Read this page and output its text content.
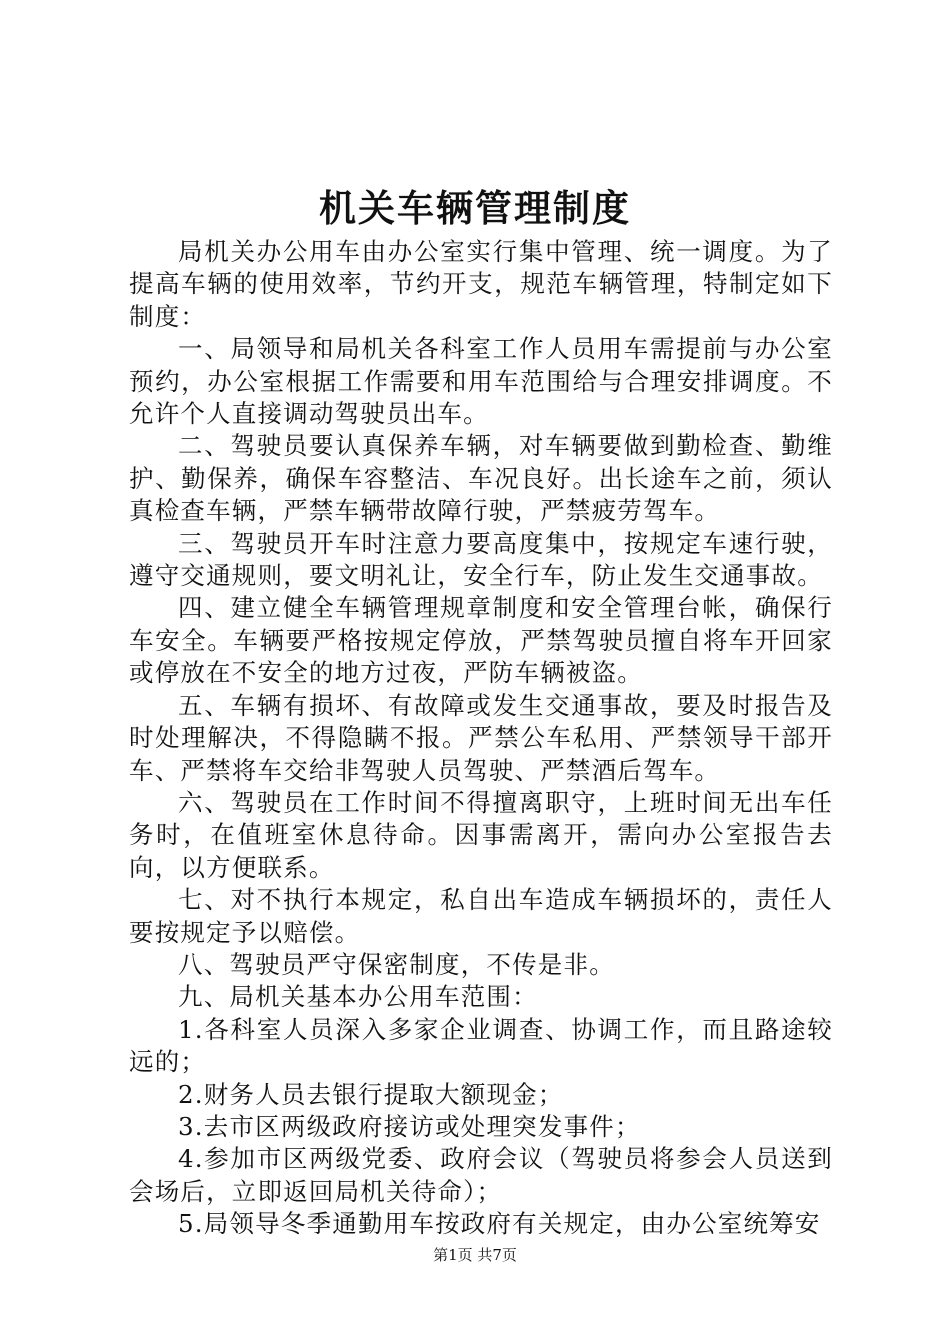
机关车辆管理制度

局机关办公用车由办公室实行集中管理、统一调度。为了提高车辆的使用效率，节约开支，规范车辆管理，特制定如下制度：

一、局领导和局机关各科室工作人员用车需提前与办公室预约，办公室根据工作需要和用车范围给与合理安排调度。不允许个人直接调动驾驶员出车。

二、驾驶员要认真保养车辆，对车辆要做到勤检查、勤维护、勤保养，确保车容整洁、车况良好。出长途车之前，须认真检查车辆，严禁车辆带故障行驶，严禁疲劳驾车。

三、驾驶员开车时注意力要高度集中，按规定车速行驶，遵守交通规则，要文明礼让，安全行车，防止发生交通事故。

四、建立健全车辆管理规章制度和安全管理台帐，确保行车安全。车辆要严格按规定停放，严禁驾驶员擅自将车开回家或停放在不安全的地方过夜，严防车辆被盗。

五、车辆有损坏、有故障或发生交通事故，要及时报告及时处理解决，不得隐瞒不报。严禁公车私用、严禁领导干部开车、严禁将车交给非驾驶人员驾驶、严禁酒后驾车。

六、驾驶员在工作时间不得擅离职守，上班时间无出车任务时，在值班室休息待命。因事需离开，需向办公室报告去向，以方便联系。

七、对不执行本规定，私自出车造成车辆损坏的，责任人要按规定予以赔偿。

八、驾驶员严守保密制度，不传是非。

九、局机关基本办公用车范围：

1.各科室人员深入多家企业调查、协调工作，而且路途较远的；

2.财务人员去银行提取大额现金；

3.去市区两级政府接访或处理突发事件；

4.参加市区两级党委、政府会议（驾驶员将参会人员送到会场后，立即返回局机关待命）；

5.局领导冬季通勤用车按政府有关规定，由办公室统筹安

第1页 共7页
